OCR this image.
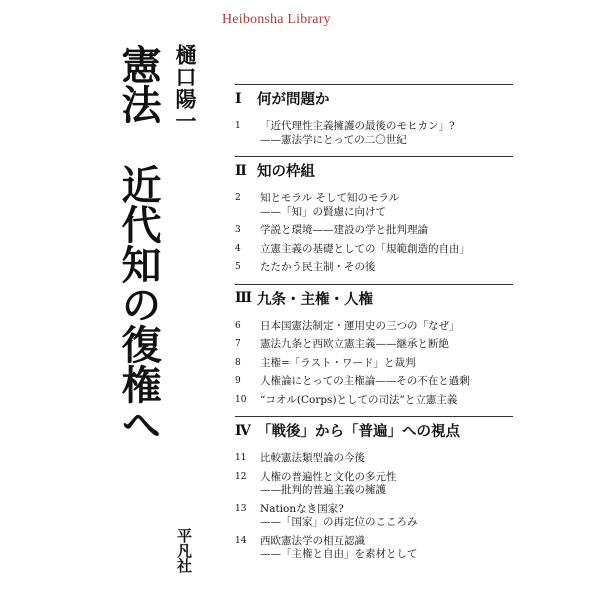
Heibonsha Library
憲法　近代知の復権へ 樋口陽一
平凡社
Ⅰ	何が問題か
1	「近代理性主義擁護の最後のモヒカン」?
——憲法学にとっての二〇世紀
Ⅱ 知の枠組
2	知とモラル そして知のモラル
——「知」の賢慮に向けて
3	学説と環境——建設の学と批判理論
4	立憲主義の基礎としての「規範創造的自由」
5	たたかう民主制・その後
Ⅲ 九条・主権・人権
6	日本国憲法制定・運用史の三つの「なぜ」
7	憲法九条と西欧立憲主義——継承と断絶
8	主権=「ラスト・ワード」と裁判
9	人権論にとっての主権論——その不在と過剰
10	“コオル(Corps)としての司法”と立憲主義
Ⅳ 「戦後」から「普遍」への視点
11	比較憲法類型論の今後
12	人権の普遍性と文化の多元性
——批判的普遍主義の擁護
13	Nationなき国家?
——「国家」の再定位のこころみ
14	西欧憲法学の相互認識
——「主権と自由」を素材として
